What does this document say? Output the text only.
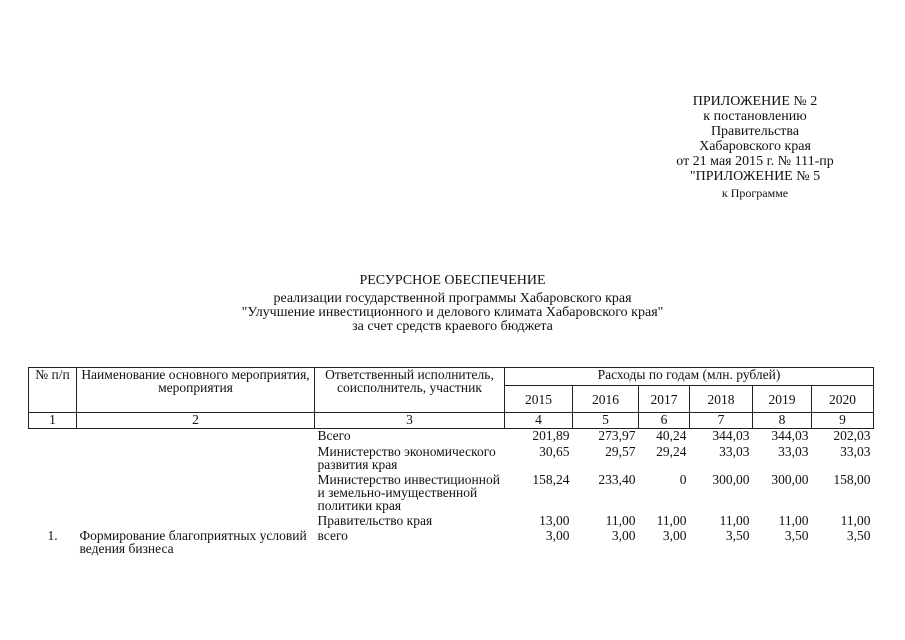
ПРИЛОЖЕНИЕ № 2
к постановлению
Правительства
Хабаровского края
от 21 мая 2015 г. № 111-пр
"ПРИЛОЖЕНИЕ № 5
к Программе
РЕСУРСНОЕ ОБЕСПЕЧЕНИЕ
реализации государственной программы Хабаровского края
"Улучшение инвестиционного и делового климата Хабаровского края"
за счет средств краевого бюджета
№ п/п	Наименование основного мероприятия, мероприятия	Ответственный исполнитель, соисполнитель, участник	Расходы по годам (млн. рублей)					
			2015	2016	2017	2018	2019	2020
1	2	3	4	5	6	7	8	9
		Всего	201,89	273,97	40,24	344,03	344,03	202,03
		Министерство экономического развития края	30,65	29,57	29,24	33,03	33,03	33,03
		Министерство инвестиционной и земельно-имущественной политики края	158,24	233,40	0	300,00	300,00	158,00
		Правительство края	13,00	11,00	11,00	11,00	11,00	11,00
1.	Формирование благоприятных условий ведения бизнеса	всего	3,00	3,00	3,00	3,50	3,50	3,50
